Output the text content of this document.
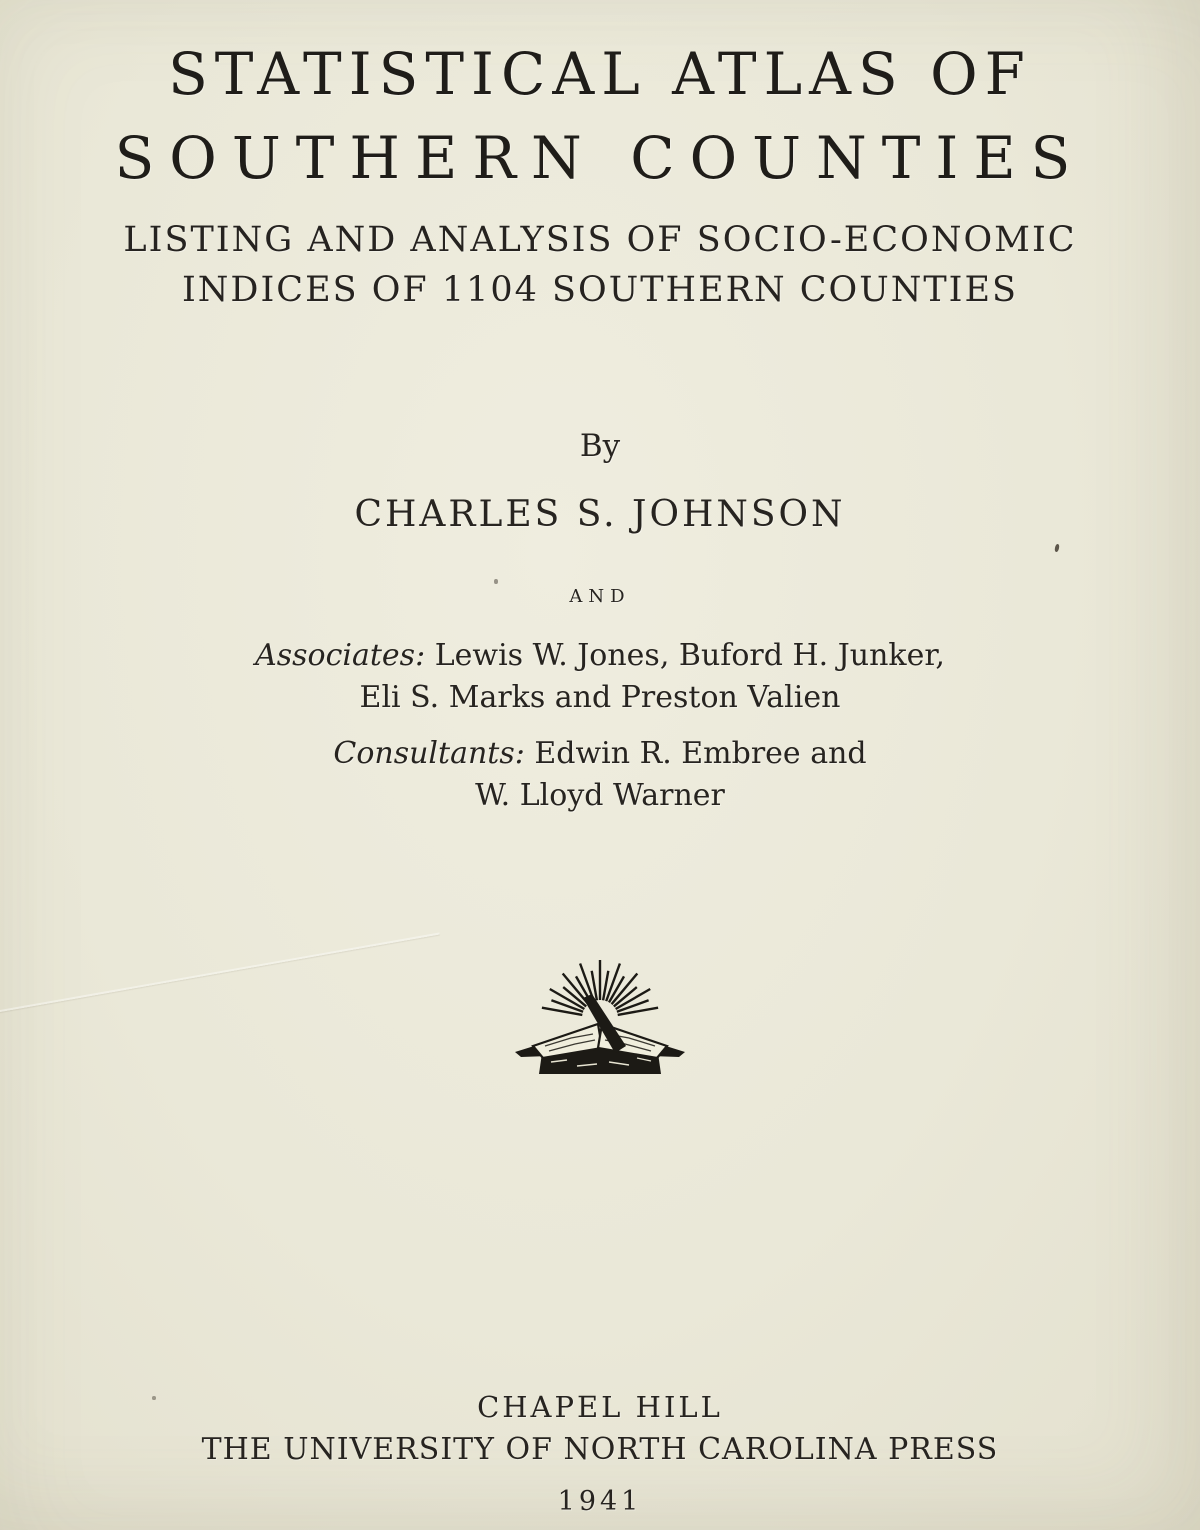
STATISTICAL ATLAS OF
SOUTHERN COUNTIES
LISTING AND ANALYSIS OF SOCIO-ECONOMIC
INDICES OF 1104 SOUTHERN COUNTIES
By
CHARLES S. JOHNSON
AND
Associates: Lewis W. Jones, Buford H. Junker,
Eli S. Marks and Preston Valien
Consultants: Edwin R. Embree and
W. Lloyd Warner
CHAPEL HILL
THE UNIVERSITY OF NORTH CAROLINA PRESS
1941
